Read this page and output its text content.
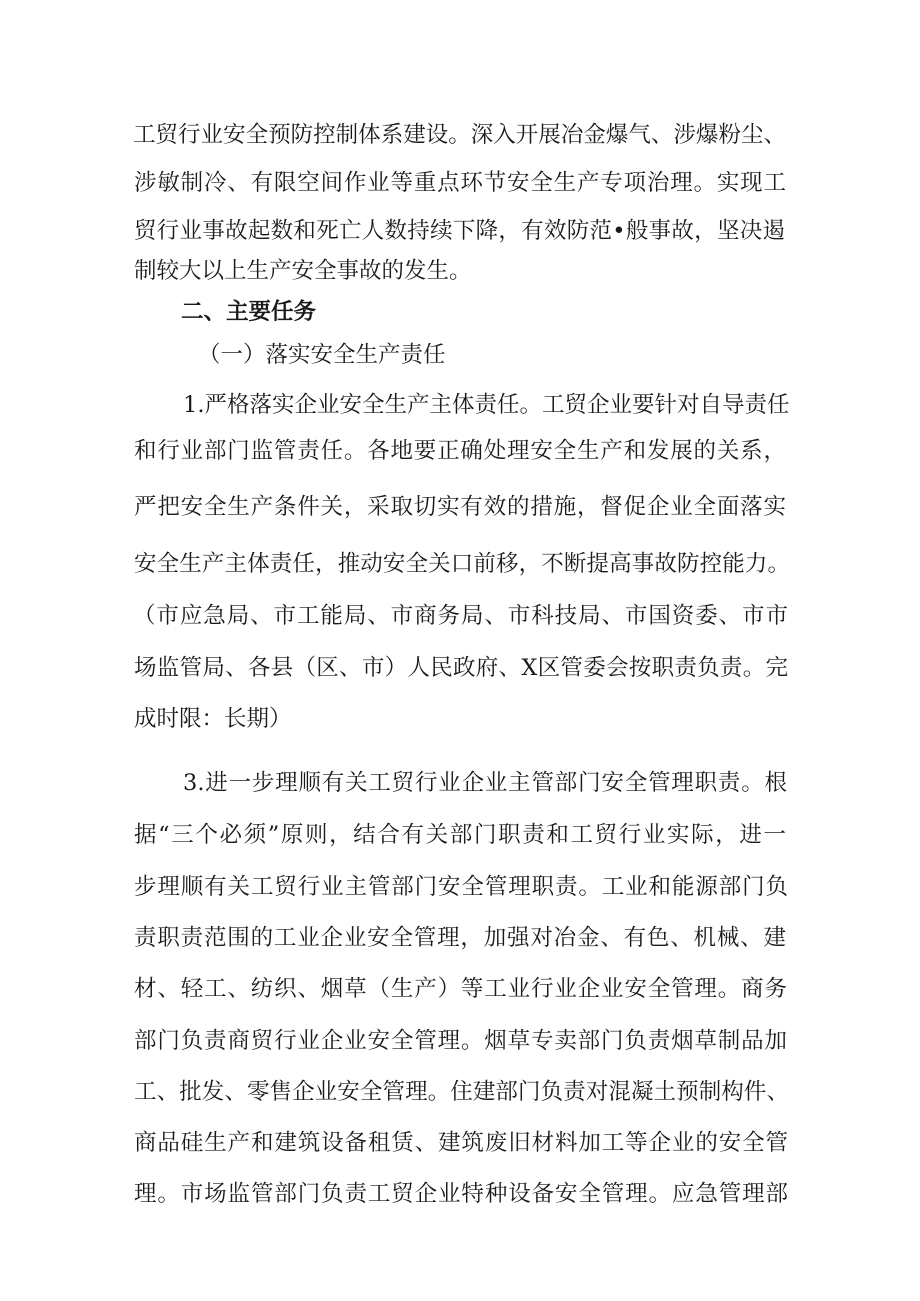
工贸行业安全预防控制体系建设。深入开展冶金爆气、涉爆粉尘、
涉敏制冷、有限空间作业等重点环节安全生产专项治理。实现工
贸行业事故起数和死亡人数持续下降，有效防范•般事故，坚决遏
制较大以上生产安全事故的发生。
二、主要任务
（一）落实安全生产责任
1.严格落实企业安全生产主体责任。工贸企业要针对自导责任
和行业部门监管责任。各地要正确处理安全生产和发展的关系，
严把安全生产条件关，采取切实有效的措施，督促企业全面落实
安全生产主体责任，推动安全关口前移，不断提高事故防控能力。
（市应急局、市工能局、市商务局、市科技局、市国资委、市市
场监管局、各县（区、市）人民政府、X区管委会按职责负责。完
成时限：长期）
3.进一步理顺有关工贸行业企业主管部门安全管理职责。根
据“三个必须”原则，结合有关部门职责和工贸行业实际，进一
步理顺有关工贸行业主管部门安全管理职责。工业和能源部门负
责职责范围的工业企业安全管理，加强对冶金、有色、机械、建
材、轻工、纺织、烟草（生产）等工业行业企业安全管理。商务
部门负责商贸行业企业安全管理。烟草专卖部门负责烟草制品加
工、批发、零售企业安全管理。住建部门负责对混凝土预制构件、
商品硅生产和建筑设备租赁、建筑废旧材料加工等企业的安全管
理。市场监管部门负责工贸企业特种设备安全管理。应急管理部
